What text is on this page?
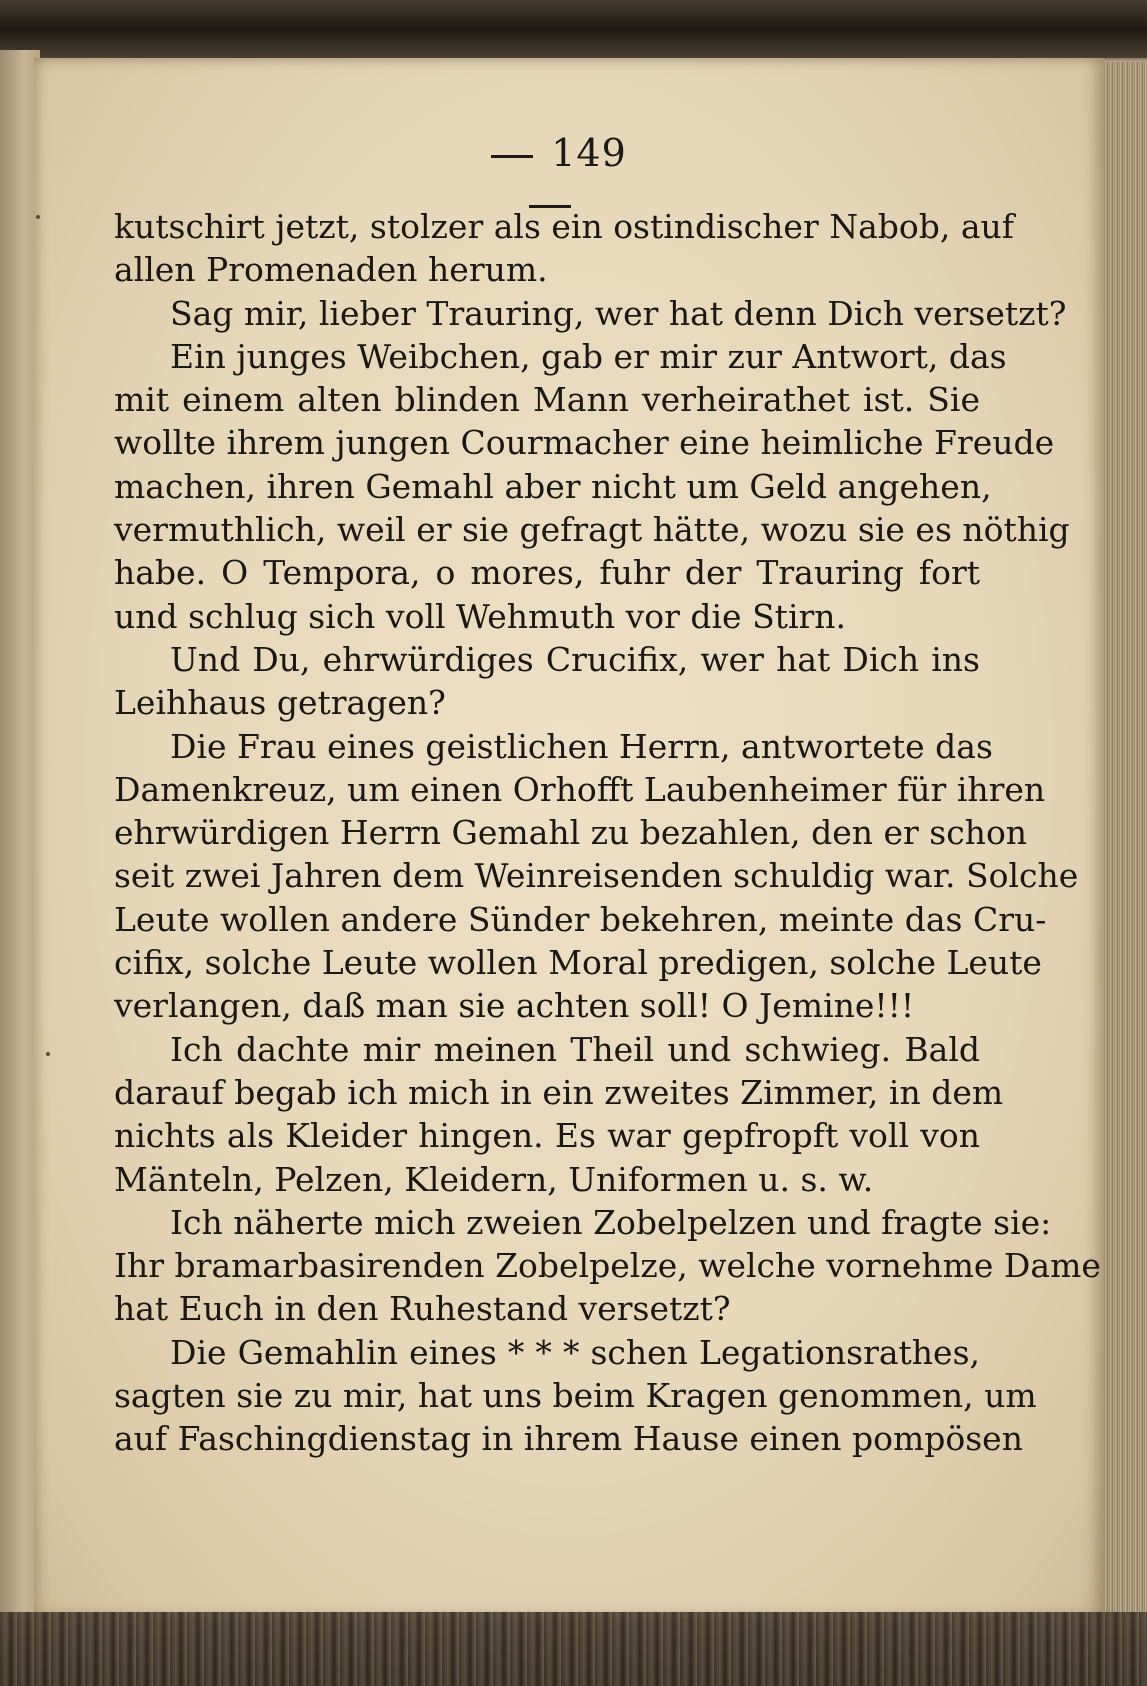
149
kutschirt jetzt, stolzer als ein ostindischer Nabob, auf
allen Promenaden herum.
Sag mir, lieber Trauring, wer hat denn Dich versetzt?
Ein junges Weibchen, gab er mir zur Antwort, das
mit einem alten blinden Mann verheirathet ist. Sie
wollte ihrem jungen Courmacher eine heimliche Freude
machen, ihren Gemahl aber nicht um Geld angehen,
vermuthlich, weil er sie gefragt hätte, wozu sie es nöthig
habe. O Tempora, o mores, fuhr der Trauring fort
und schlug sich voll Wehmuth vor die Stirn.
Und Du, ehrwürdiges Crucifix, wer hat Dich ins
Leihhaus getragen?
Die Frau eines geistlichen Herrn, antwortete das
Damenkreuz, um einen Orhofft Laubenheimer für ihren
ehrwürdigen Herrn Gemahl zu bezahlen, den er schon
seit zwei Jahren dem Weinreisenden schuldig war. Solche
Leute wollen andere Sünder bekehren, meinte das Cru-
cifix, solche Leute wollen Moral predigen, solche Leute
verlangen, daß man sie achten soll! O Jemine!!!
Ich dachte mir meinen Theil und schwieg. Bald
darauf begab ich mich in ein zweites Zimmer, in dem
nichts als Kleider hingen. Es war gepfropft voll von
Mänteln, Pelzen, Kleidern, Uniformen u. s. w.
Ich näherte mich zweien Zobelpelzen und fragte sie:
Ihr bramarbasirenden Zobelpelze, welche vornehme Dame
hat Euch in den Ruhestand versetzt?
Die Gemahlin eines * * * schen Legationsrathes,
sagten sie zu mir, hat uns beim Kragen genommen, um
auf Faschingdienstag in ihrem Hause einen pompösen
